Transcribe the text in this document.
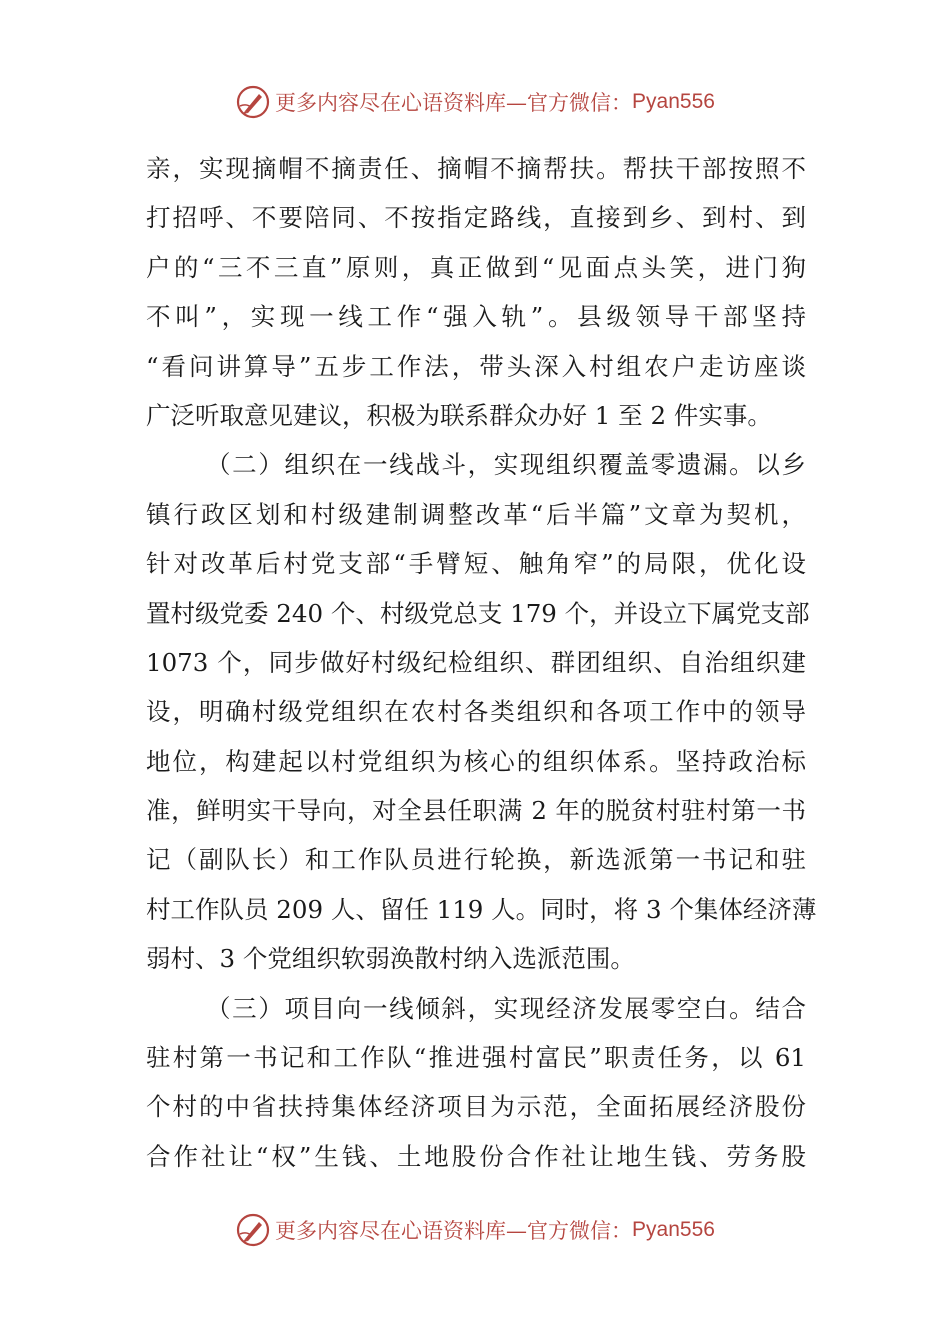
更多内容尽在心语资料库—官方微信： Pyan556
亲，实现摘帽不摘责任、摘帽不摘帮扶。帮扶干部按照不
打招呼、不要陪同、不按指定路线，直接到乡、到村、到
户的“三不三直”原则，真正做到“见面点头笑，进门狗
不叫”，实现一线工作“强入轨”。县级领导干部坚持
“看问讲算导”五步工作法，带头深入村组农户走访座谈
广泛听取意见建议，积极为联系群众办好 1 至 2 件实事。
（二）组织在一线战斗，实现组织覆盖零遗漏。以乡
镇行政区划和村级建制调整改革“后半篇”文章为契机，
针对改革后村党支部“手臂短、触角窄”的局限，优化设
置村级党委 240 个、村级党总支 179 个，并设立下属党支部
1073 个，同步做好村级纪检组织、群团组织、自治组织建
设，明确村级党组织在农村各类组织和各项工作中的领导
地位，构建起以村党组织为核心的组织体系。坚持政治标
准，鲜明实干导向，对全县任职满 2 年的脱贫村驻村第一书
记（副队长）和工作队员进行轮换，新选派第一书记和驻
村工作队员 209 人、留任 119 人。同时，将 3 个集体经济薄
弱村、3 个党组织软弱涣散村纳入选派范围。
（三）项目向一线倾斜，实现经济发展零空白。结合
驻村第一书记和工作队“推进强村富民”职责任务，以 61
个村的中省扶持集体经济项目为示范，全面拓展经济股份
合作社让“权”生钱、土地股份合作社让地生钱、劳务股
更多内容尽在心语资料库—官方微信： Pyan556
